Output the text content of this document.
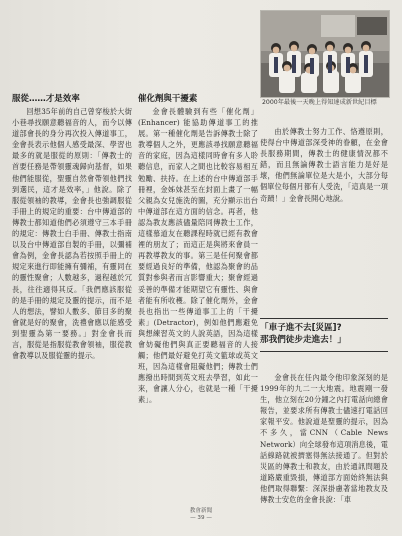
服從……才是效率

回想35年前的自己曾穿梭於大街小巷尋找願意聽福音的人，而今以傳道部會長的身分再次投入傳道事工，金會長表示他個人感受最深、學習也最多的就是服從的原則：「傳教士的首要任務是帶領靈魂歸向基督，如果他們能服從，聖靈自然會帶領他們找到選民，這才是效率，」他說。除了服從領袖的教導，金會長也強調服從手冊上的規定的重要：台中傳道部的傳教士都知道他們必須遵守三本手冊的規定：傳教士白手冊、傳教士指南以及台中傳道部自製的手冊，以彌補會為例，金會長認為若按照手冊上的規定來進行即能擁有彌補，有靈同在的靈性聚會；人數越多，過程越於冗長，往往適得其反。「我們應該服從的是手冊的規定及靈的提示，而不是人的想法，譬如人數多、節目多的聚會就是好的聚會，洗禮會應以能感受到聖靈為第一要務。」對金會長而言，服從是指服從教會領袖，服從教會教導以及服從靈的提示。

催化劑與干擾素

金會長體驗到有些「催化劑」(Enhancer) 能協助傳道事工的推展。第一種催化劑是告訴傳教士除了教導個人之外，更應該尋找願意聽福音的家庭，因為這樣同時會有多人聆聽信息，而家人之間也比較容易相互勉勵、扶持。在上述的台中傳道部手冊裡，金姊妹甚至在封面上畫了一幅父親為女兒施洗的圖，充分顯示出台中傳道部在這方面的信念。再者，他認為教友應該儘量陪同傳教士工作，這樣慕道友在聽課程時就已經有教會裡的朋友了；而這正是與將來會員一再教導教友的事。第三是任何聚會都要經過良好的準備，他認為聚會的品質對參與者而言影響重大；聚會經過妥善的準備才能期望它有靈性、與會者能有所收穫。除了催化劑外，金會長也指出一些傳道事工上的「干擾素」(Detractor)，例如他們應避免與想練習英文的人說英語，因為這樣會妨礙他們與真正要聽福音的人接觸；他們最好避免打英文籃球或英文班，因為這樣會阻礙他們；傳教士們應撥出時間到英文班去學習，如此一來，會讓人分心，也就是一種「干擾素」。

2000年最後一天晚上得知達成新世紀目標

由於傳教士努力工作、恪遵原則，使得台中傳道部深受神的眷顧，在金會長服務期間，傳教士的健康情況都不錯，而且無論傳教士語言能力是好是壞，他們無論單位是大是小，大部分每個單位每個月都有人受洗，「這真是一項奇蹟！」金會長開心地說。

「車子進不去[災區]?
那我們徒步走進去！」

金會長在任內最令他印象深刻的是1999年的九二一大地震。地震剛一發生，他立刻在20分鐘之內打電話向總會報告，並要求所有傳教士儘速打電話回家報平安。他說道是聖靈的提示，因為不多久，當CNN（Cable News Network）向全球發布這項消息後，電話線路就被擠塞得無法接通了。但對於災區的傳教士和教友，由於通訊問題及道路嚴重毀損，傳道部方面始終無法與他們取得聯繫：深深掛慮著當地教友及傳教士安危的金會長說：「車

教會新聞
— 39 —
